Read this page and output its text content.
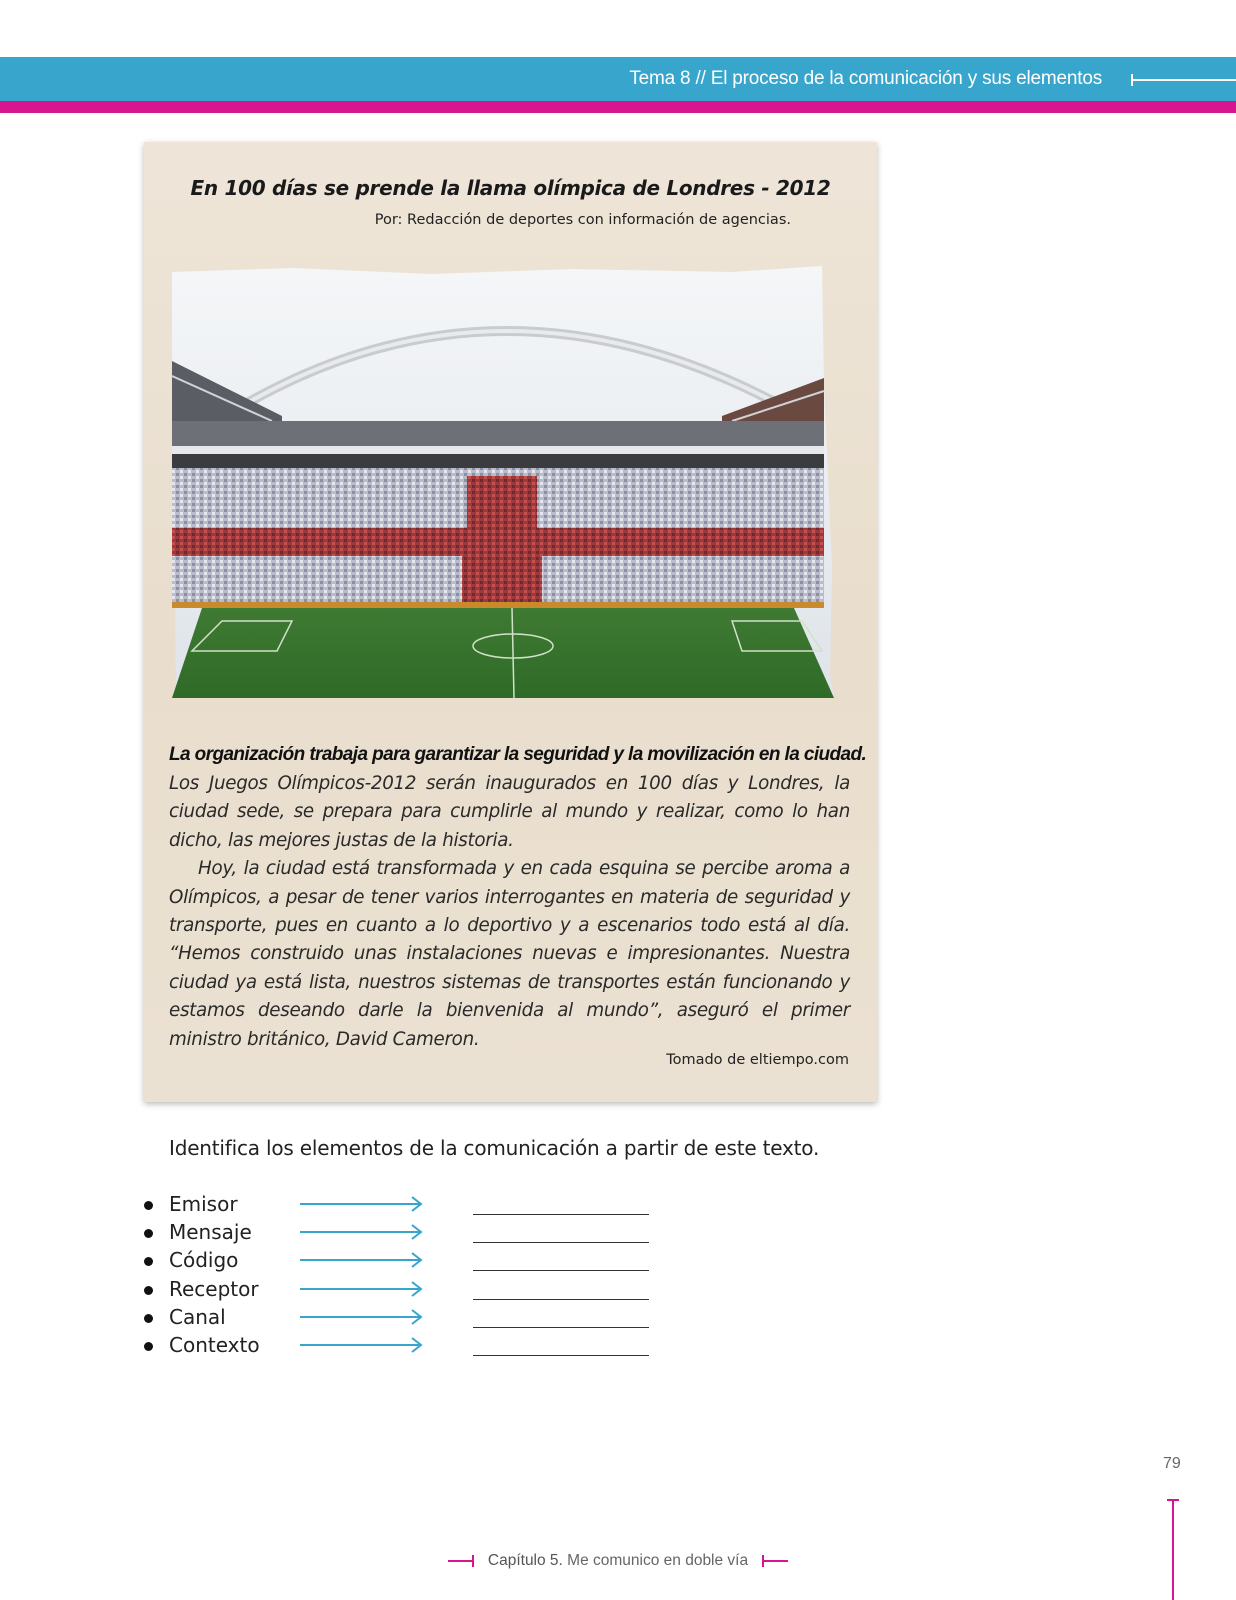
Tema 8 // El proceso de la comunicación y sus elementos
En 100 días se prende la llama olímpica de Londres - 2012
Por: Redacción de deportes con información de agencias.
La organización trabaja para garantizar la seguridad y la movilización en la ciudad.

Los Juegos Olímpicos-2012 serán inaugurados en 100 días y Londres, la ciudad sede, se prepara para cumplirle al mundo y realizar, como lo han dicho, las mejores justas de la historia.

Hoy, la ciudad está transformada y en cada esquina se percibe aroma a Olímpicos, a pesar de tener varios interrogantes en materia de seguridad y transporte, pues en cuanto a lo deportivo y a escenarios todo está al día. “Hemos construido unas instalaciones nuevas e impresionantes. Nuestra ciudad ya está lista, nuestros sistemas de transportes están funcionando y estamos deseando darle la bienvenida al mundo”, aseguró el primer ministro británico, David Cameron.

Tomado de eltiempo.com
Identifica los elementos de la comunicación a partir de este texto.
Emisor
Mensaje
Código
Receptor
Canal
Contexto
79
Capítulo 5. Me comunico en doble vía
